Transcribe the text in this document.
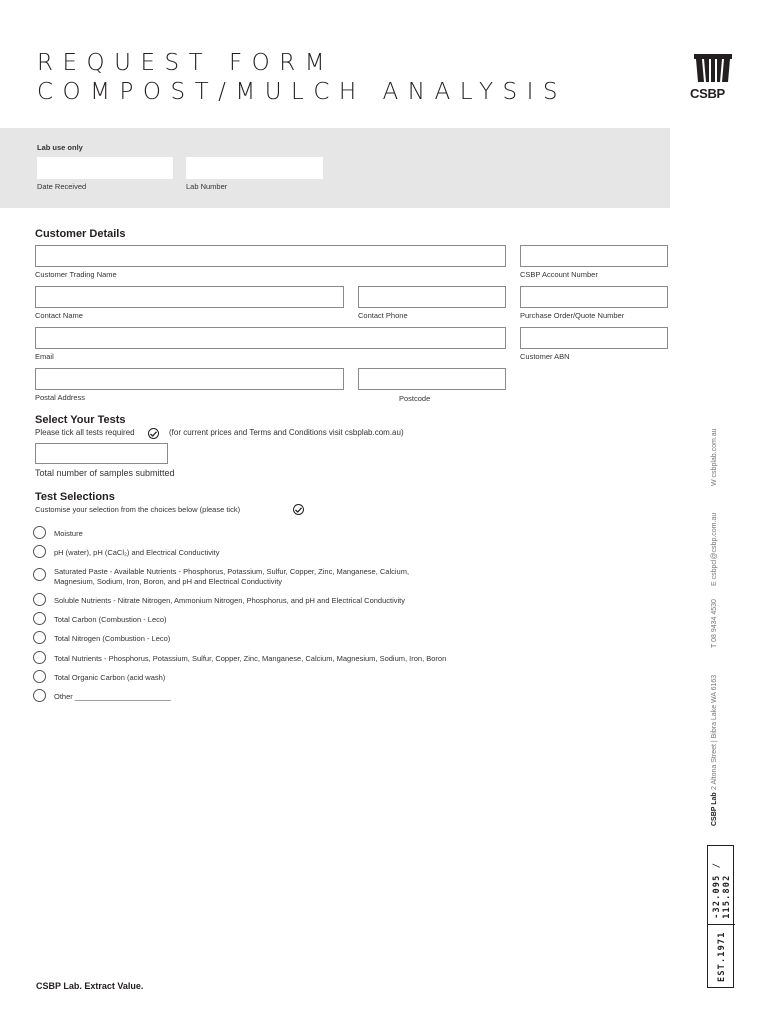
REQUEST FORM
COMPOST/MULCH ANALYSIS	CSBP
Lab use only
Date Received	Lab Number
Customer Details
Customer Trading Name	CSBP Account Number
Contact Name	Contact Phone	Purchase Order/Quote Number
Email	Customer ABN
Postal Address	Postcode
Select Your Tests
Please tick all tests required	(for current prices and Terms and Conditions visit csbplab.com.au)
Total number of samples submitted
Test Selections
Customise your selection from the choices below (please tick)
Moisture
pH (water), pH (CaCl₂) and Electrical Conductivity
Saturated Paste - Available Nutrients - Phosphorus, Potassium, Sulfur, Copper, Zinc, Manganese, Calcium,
Magnesium, Sodium, Iron, Boron, and pH and Electrical Conductivity
Soluble Nutrients - Nitrate Nitrogen, Ammonium Nitrogen, Phosphorus, and pH and Electrical Conductivity
Total Carbon (Combustion - Leco)
Total Nitrogen (Combustion - Leco)
Total Nutrients - Phosphorus, Potassium, Sulfur, Copper, Zinc, Manganese, Calcium, Magnesium, Sodium, Iron, Boron
Total Organic Carbon (acid wash)
Other _______________________
CSBP Lab
2 Altona Street | Bibra Lake WA 6163
T 08 9434 4530
E csbpcl@csbp.com.au
W csbplab.com.au
EST.1971
-32.095 / 115.802
CSBP Lab. Extract Value.
